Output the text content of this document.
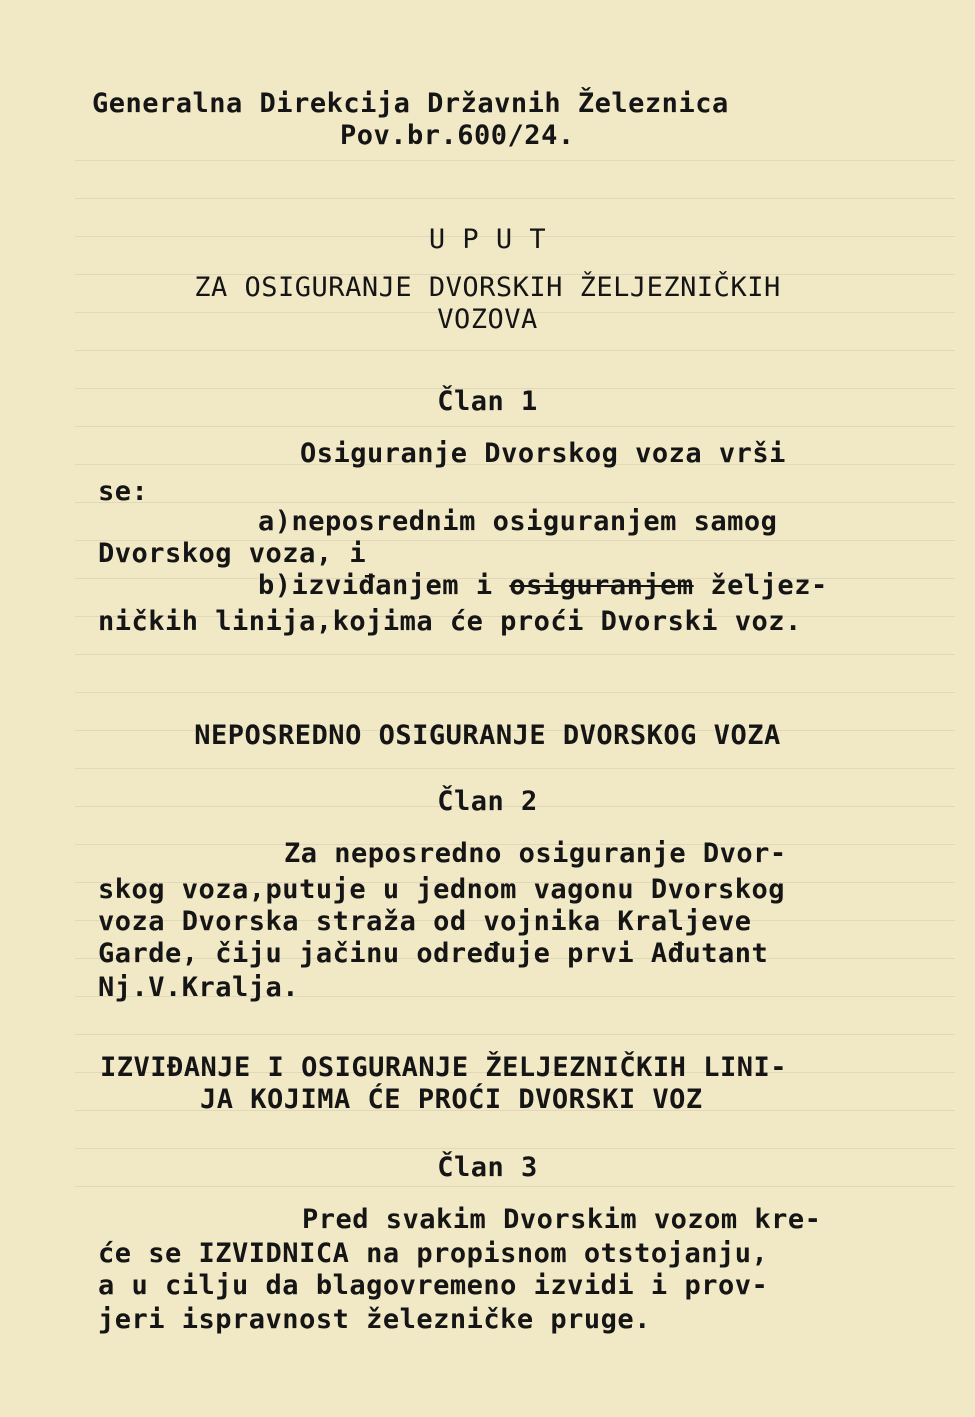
Generalna Direkcija Državnih Železnica
Pov.br.600/24.
U P U T
ZA OSIGURANJE DVORSKIH ŽELJEZNIČKIH
VOZOVA
Član 1
Osiguranje Dvorskog voza vrši
se:
a)neposrednim osiguranjem samog
Dvorskog voza, i
b)izviđanjem i osiguranjem željez-
ničkih linija,kojima će proći Dvorski voz.
NEPOSREDNO OSIGURANJE DVORSKOG VOZA
Član 2
Za neposredno osiguranje Dvor-
skog voza,putuje u jednom vagonu Dvorskog
voza Dvorska straža od vojnika Kraljeve
Garde, čiju jačinu određuje prvi Ađutant
Nj.V.Kralja.
IZVIĐANJE I OSIGURANJE ŽELJEZNIČKIH LINI-
JA KOJIMA ĆE PROĆI DVORSKI VOZ
Član 3
Pred svakim Dvorskim vozom kre-
će se IZVIDNICA na propisnom otstojanju,
a u cilju da blagovremeno izvidi i prov-
jeri ispravnost železničke pruge.
